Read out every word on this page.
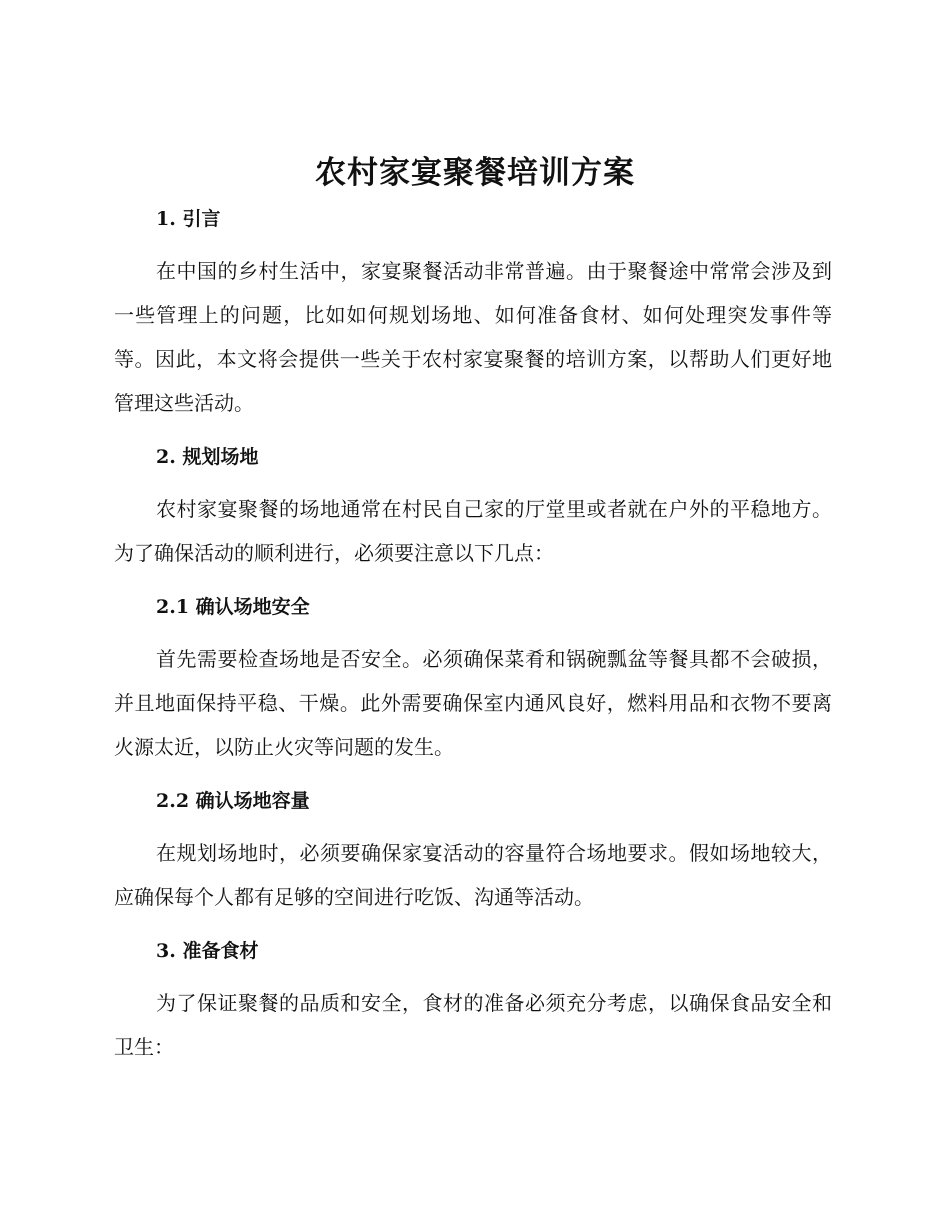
农村家宴聚餐培训方案
1. 引言

在中国的乡村生活中，家宴聚餐活动非常普遍。由于聚餐途中常常会涉及到一些管理上的问题，比如如何规划场地、如何准备食材、如何处理突发事件等等。因此，本文将会提供一些关于农村家宴聚餐的培训方案，以帮助人们更好地管理这些活动。

2. 规划场地

农村家宴聚餐的场地通常在村民自己家的厅堂里或者就在户外的平稳地方。为了确保活动的顺利进行，必须要注意以下几点：

2.1 确认场地安全

首先需要检查场地是否安全。必须确保菜肴和锅碗瓢盆等餐具都不会破损，并且地面保持平稳、干燥。此外需要确保室内通风良好，燃料用品和衣物不要离火源太近，以防止火灾等问题的发生。

2.2 确认场地容量

在规划场地时，必须要确保家宴活动的容量符合场地要求。假如场地较大，应确保每个人都有足够的空间进行吃饭、沟通等活动。

3. 准备食材

为了保证聚餐的品质和安全，食材的准备必须充分考虑，以确保食品安全和卫生：
